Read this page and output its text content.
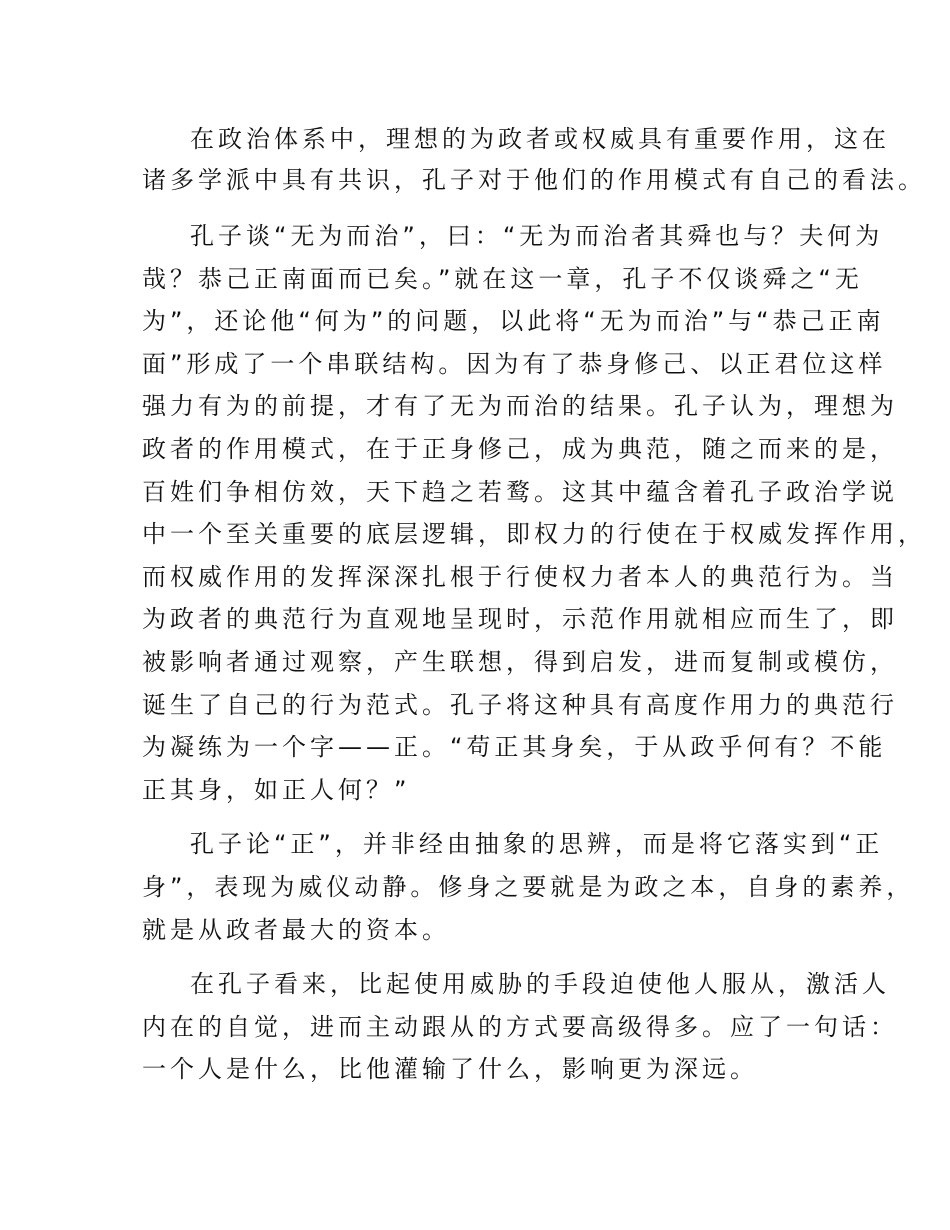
在政治体系中，理想的为政者或权威具有重要作用，这在
诸多学派中具有共识，孔子对于他们的作用模式有自己的看法。

孔子谈“无为而治”，曰：“无为而治者其舜也与？夫何为
哉？恭己正南面而已矣。”就在这一章，孔子不仅谈舜之“无
为”，还论他“何为”的问题，以此将“无为而治”与“恭己正南
面”形成了一个串联结构。因为有了恭身修己、以正君位这样
强力有为的前提，才有了无为而治的结果。孔子认为，理想为
政者的作用模式，在于正身修己，成为典范，随之而来的是，
百姓们争相仿效，天下趋之若鹜。这其中蕴含着孔子政治学说
中一个至关重要的底层逻辑，即权力的行使在于权威发挥作用，
而权威作用的发挥深深扎根于行使权力者本人的典范行为。当
为政者的典范行为直观地呈现时，示范作用就相应而生了，即
被影响者通过观察，产生联想，得到启发，进而复制或模仿，
诞生了自己的行为范式。孔子将这种具有高度作用力的典范行
为凝练为一个字——正。“苟正其身矣，于从政乎何有？不能
正其身，如正人何？”

孔子论“正”，并非经由抽象的思辨，而是将它落实到“正
身”，表现为威仪动静。修身之要就是为政之本，自身的素养，
就是从政者最大的资本。

在孔子看来，比起使用威胁的手段迫使他人服从，激活人
内在的自觉，进而主动跟从的方式要高级得多。应了一句话：
一个人是什么，比他灌输了什么，影响更为深远。
